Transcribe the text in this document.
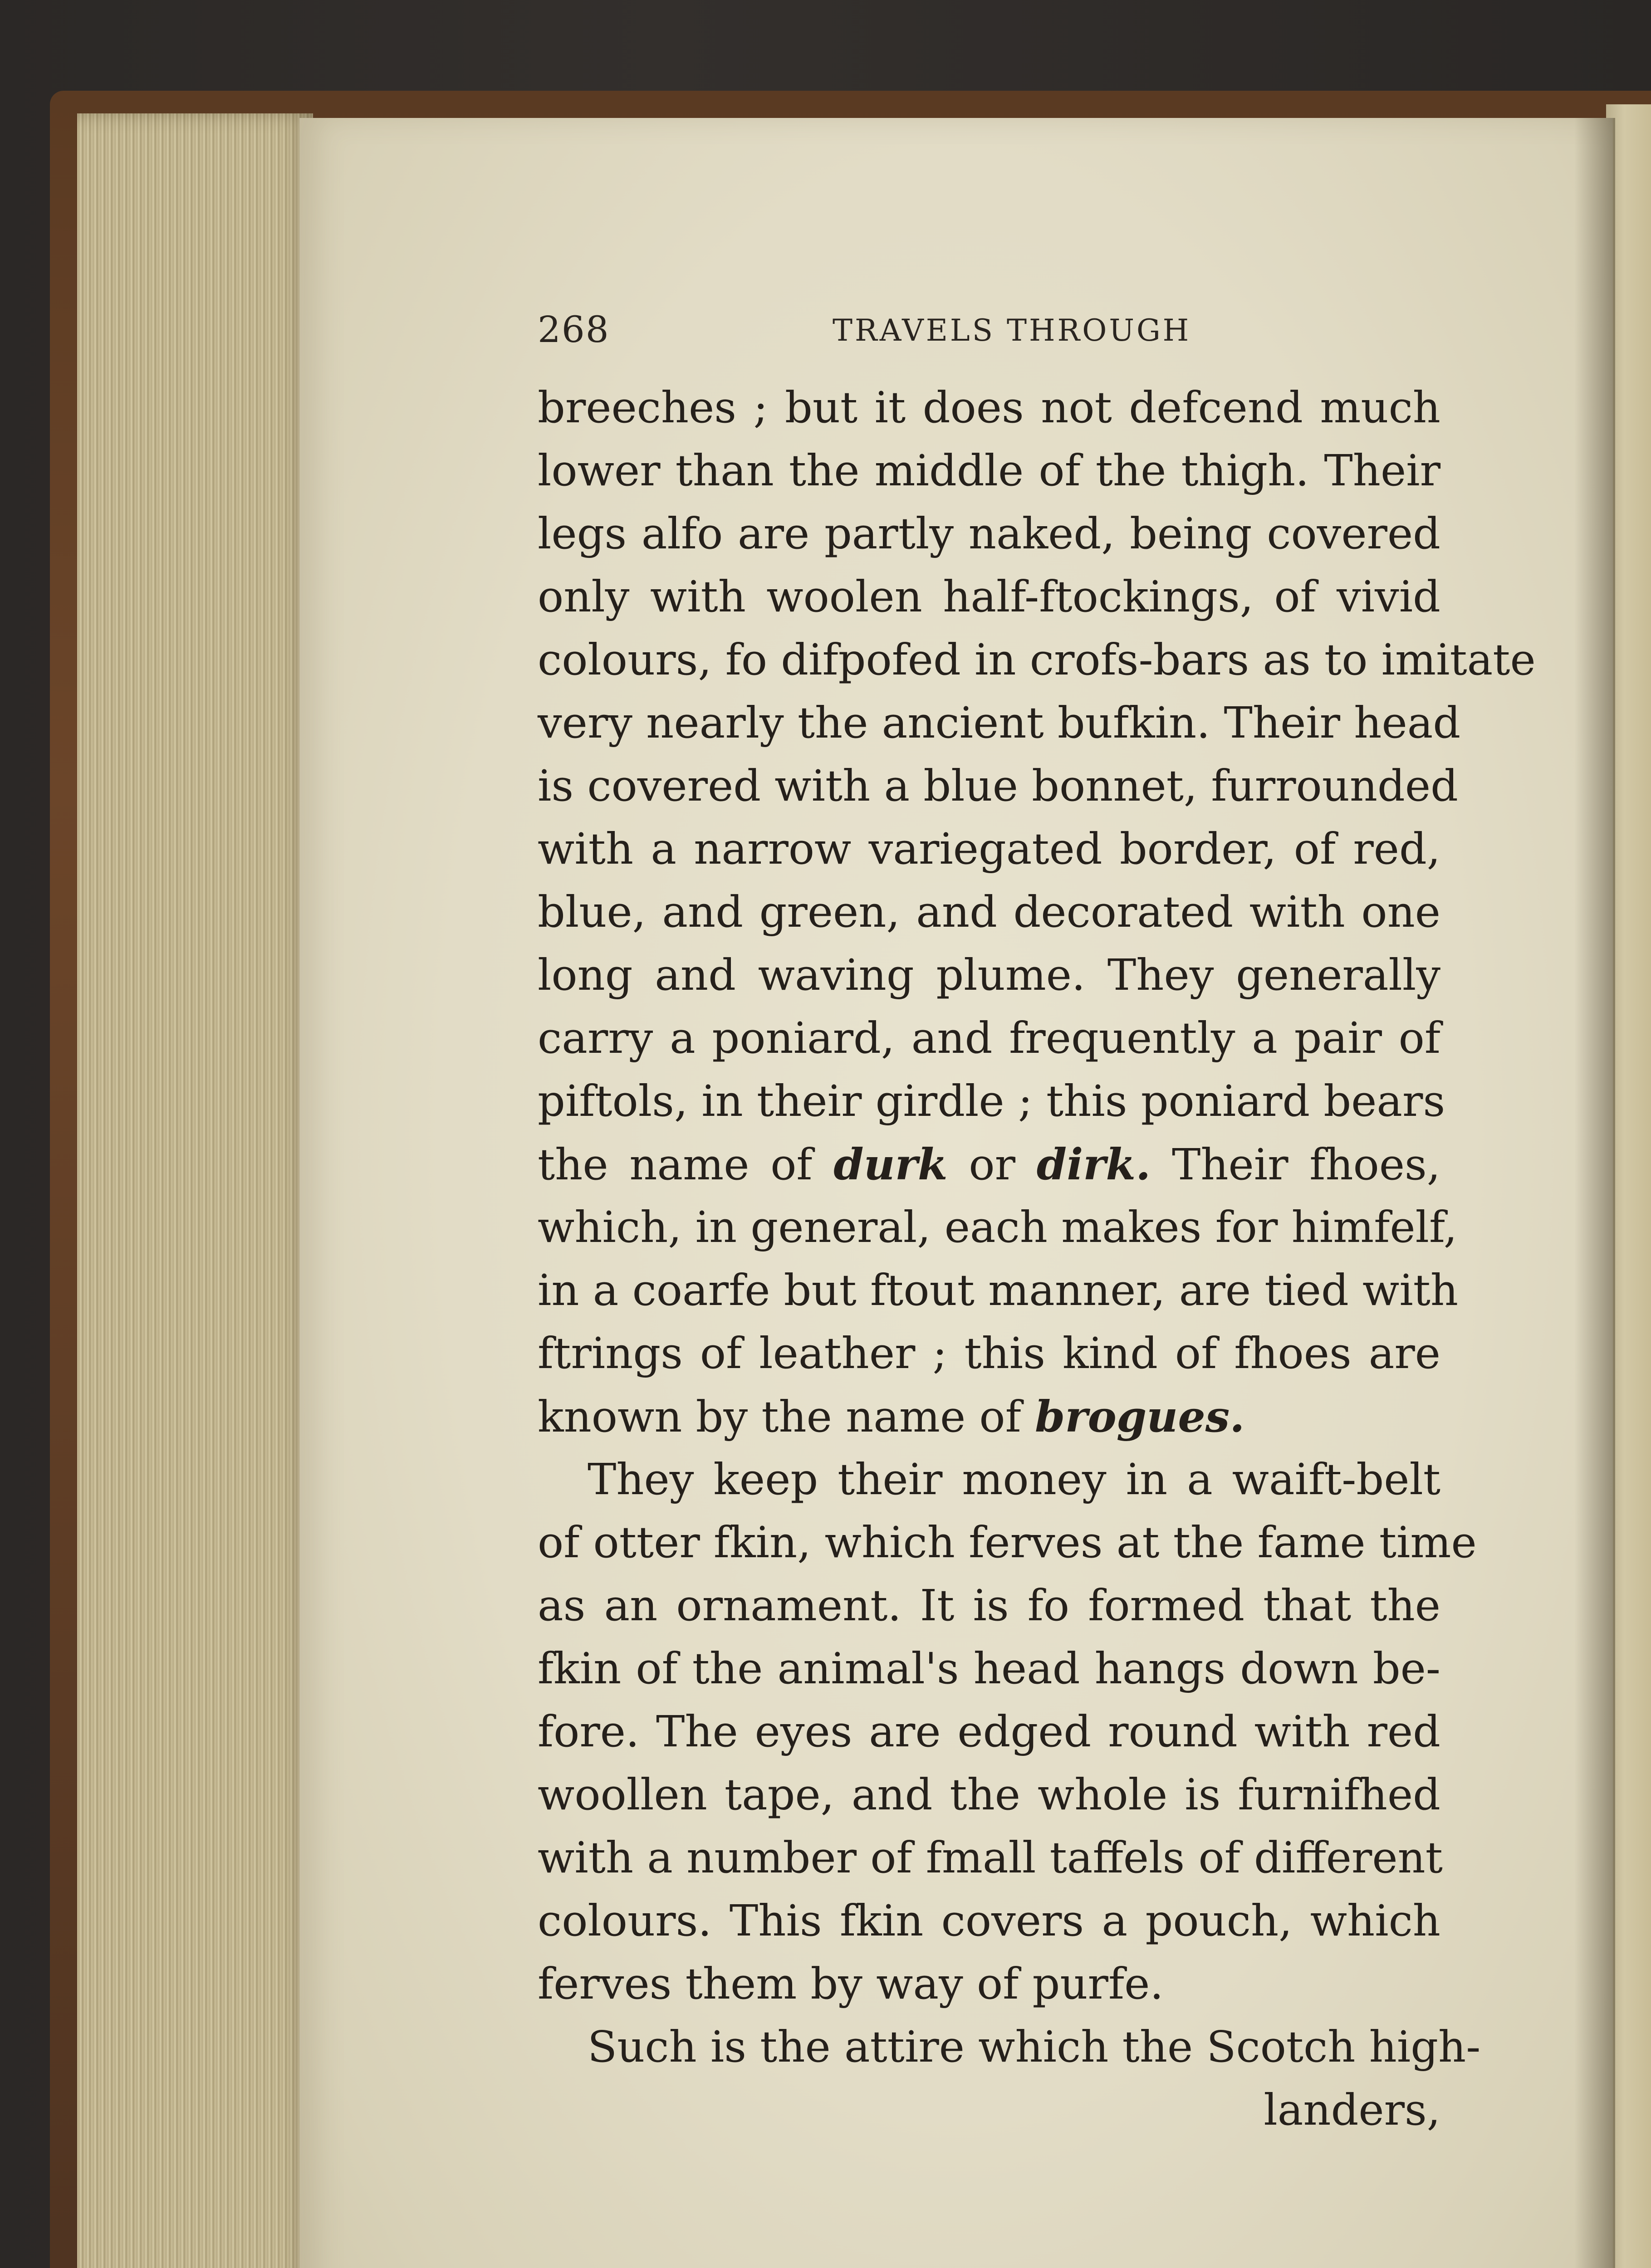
268	TRAVELS THROUGH
breeches ; but it does not defcend much
lower than the middle of the thigh. Their
legs alfo are partly naked, being covered
only with woolen half-ftockings, of vivid
colours, fo difpofed in crofs-bars as to imitate
very nearly the ancient bufkin. Their head
is covered with a blue bonnet, furrounded
with a narrow variegated border, of red,
blue, and green, and decorated with one
long and waving plume. They generally
carry a poniard, and frequently a pair of
piftols, in their girdle ; this poniard bears
the name of durk or dirk. Their fhoes,
which, in general, each makes for himfelf,
in a coarfe but ftout manner, are tied with
ftrings of leather ; this kind of fhoes are
known by the name of brogues.
They keep their money in a waift-belt
of otter fkin, which ferves at the fame time
as an ornament. It is fo formed that the
fkin of the animal's head hangs down be-
fore. The eyes are edged round with red
woollen tape, and the whole is furnifhed
with a number of fmall taffels of different
colours. This fkin covers a pouch, which
ferves them by way of purfe.
Such is the attire which the Scotch high-
landers,
